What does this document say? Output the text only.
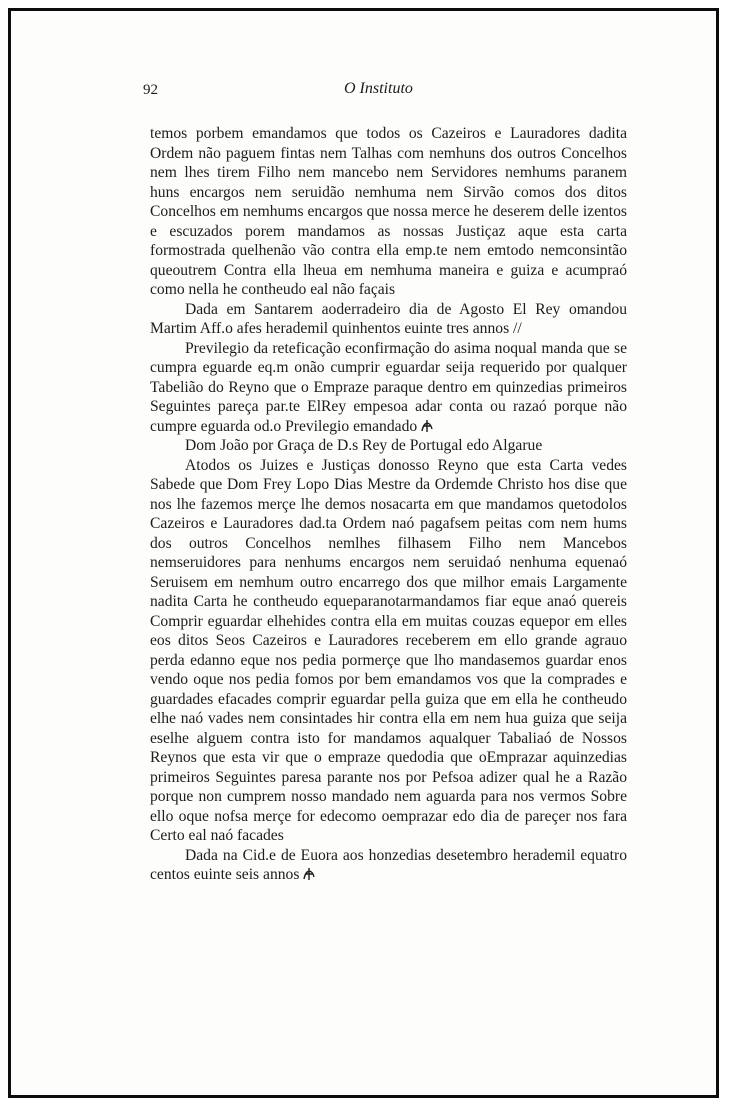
92	O Instituto

temos porbem emandamos que todos os Cazeiros e Lauradores dadita Ordem não paguem fintas nem Talhas com nemhuns dos outros Concelhos nem lhes tirem Filho nem mancebo nem Servidores nemhums paranem huns encargos nem seruidão nemhuma nem Sirvão comos dos ditos Concelhos em nemhums encargos que nossa merce he deserem delle izentos e escuzados porem mandamos as nossas Justiçaz aque esta carta formostrada quelhenão vão contra ella emp.te nem emtodo nemconsintão queoutrem Contra ella lheua em nemhuma maneira e guiza e acumpraó como nella he contheudo eal não façais

Dada em Santarem aoderradeiro dia de Agosto El Rey omandou Martim Aff.o afes herademil quinhentos euinte tres annos //

Previlegio da reteficação econfirmação do asima noqual manda que se cumpra eguarde eq.m onão cumprir eguardar seija requerido por qualquer Tabelião do Reyno que o Empraze paraque dentro em quinzedias primeiros Seguintes pareça par.te ElRey empesoa adar conta ou razaó porque não cumpre eguarda od.o Previlegio emandado

Dom João por Graça de D.s Rey de Portugal edo Algarue

Atodos os Juizes e Justiças donosso Reyno que esta Carta vedes Sabede que Dom Frey Lopo Dias Mestre da Ordemde Christo hos dise que nos lhe fazemos merçe lhe demos nosacarta em que mandamos quetodolos Cazeiros e Lauradores dad.ta Ordem naó pagafsem peitas com nem hums dos outros Concelhos nemlhes filhasem Filho nem Mancebos nemseruidores para nenhums encargos nem seruidaó nenhuma equenaó Seruisem em nemhum outro encarrego dos que milhor emais Largamente nadita Carta he contheudo equeparanotarmandamos fiar eque anaó quereis Comprir eguardar elhehides contra ella em muitas couzas equepor em elles eos ditos Seos Cazeiros e Lauradores receberem em ello grande agrauo perda edanno eque nos pedia pormerçe que lho mandasemos guardar enos vendo oque nos pedia fomos por bem emandamos vos que la comprades e guardades efacades comprir eguardar pella guiza que em ella he contheudo elhe naó vades nem consintades hir contra ella em nem hua guiza que seija eselhe alguem contra isto for mandamos aqualquer Tabaliaó de Nossos Reynos que esta vir que o empraze quedodia que oEmprazar aquinzedias primeiros Seguintes paresa parante nos por Pefsoa adizer qual he a Razão porque non cumprem nosso mandado nem aguarda para nos vermos Sobre ello oque nofsa merçe for edecomo oemprazar edo dia de pareçer nos fara Certo eal naó facades

Dada na Cid.e de Euora aos honzedias desetembro herademil equatro centos euinte seis annos
